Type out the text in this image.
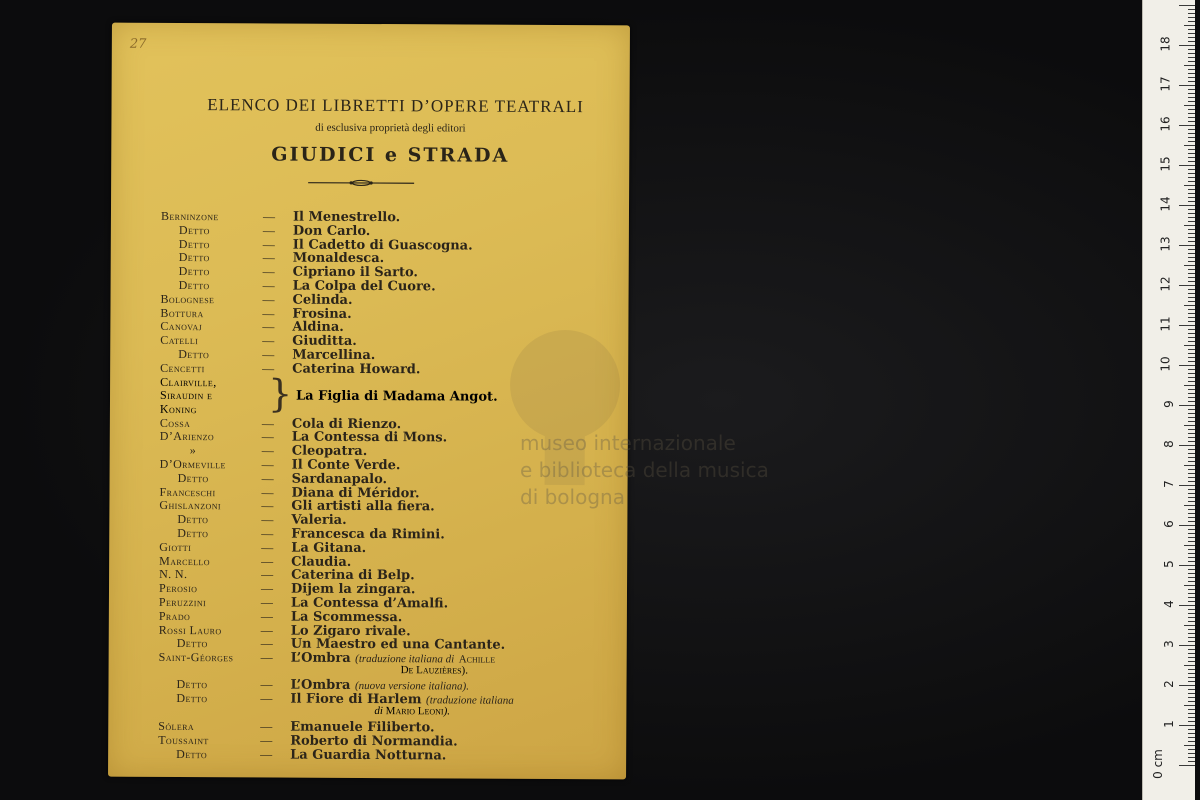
27
ELENCO DEI LIBRETTI D’OPERE TEATRALI
di esclusiva proprietà degli editori
GIUDICI e STRADA
Berninzone	— Il Menestrello.
Detto	— Don Carlo.
Detto	— Il Cadetto di Guascogna.
Detto	— Monaldesca.
Detto	— Cipriano il Sarto.
Detto	— La Colpa del Cuore.
Bolognese	— Celinda.
Bottura	— Frosina.
Canovaj	— Aldina.
Catelli	— Giuditta.
Detto	— Marcellina.
Cencetti	— Caterina Howard.
Clairville,
Siraudin e
Koning } La Figlia di Madama Angot.
Cossa	— Cola di Rienzo.
D’Arienzo	— La Contessa di Mons.
»	— Cleopatra.
D’Ormeville	— Il Conte Verde.
Detto	— Sardanapalo.
Franceschi	— Diana di Méridor.
Ghislanzoni	— Gli artisti alla fiera.
Detto	— Valeria.
Detto	— Francesca da Rimini.
Giotti	— La Gitana.
Marcello	— Claudia.
N. N.	— Caterina di Belp.
Perosio	— Dijem la zingara.
Peruzzini	— La Contessa d’Amalfi.
Prado	— La Scommessa.
Rossi Lauro	— Lo Zigaro rivale.
Detto	— Un Maestro ed una Cantante.
Saint-Géorges — L’Ombra (traduzione italiana di Achille
De Lauzières).
Detto	— L’Ombra (nuova versione italiana).
Detto	— Il Fiore di Harlem (traduzione italiana
di Mario Leoni).
Sólera	— Emanuele Filiberto.
Toussaint	— Roberto di Normandia.
Detto	— La Guardia Notturna.
museo internazionale
e biblioteca della musica
di bologna
18
17
16
15
14
13
12
11
10
9
8
7
6
5
4
3
2
1
0 cm
